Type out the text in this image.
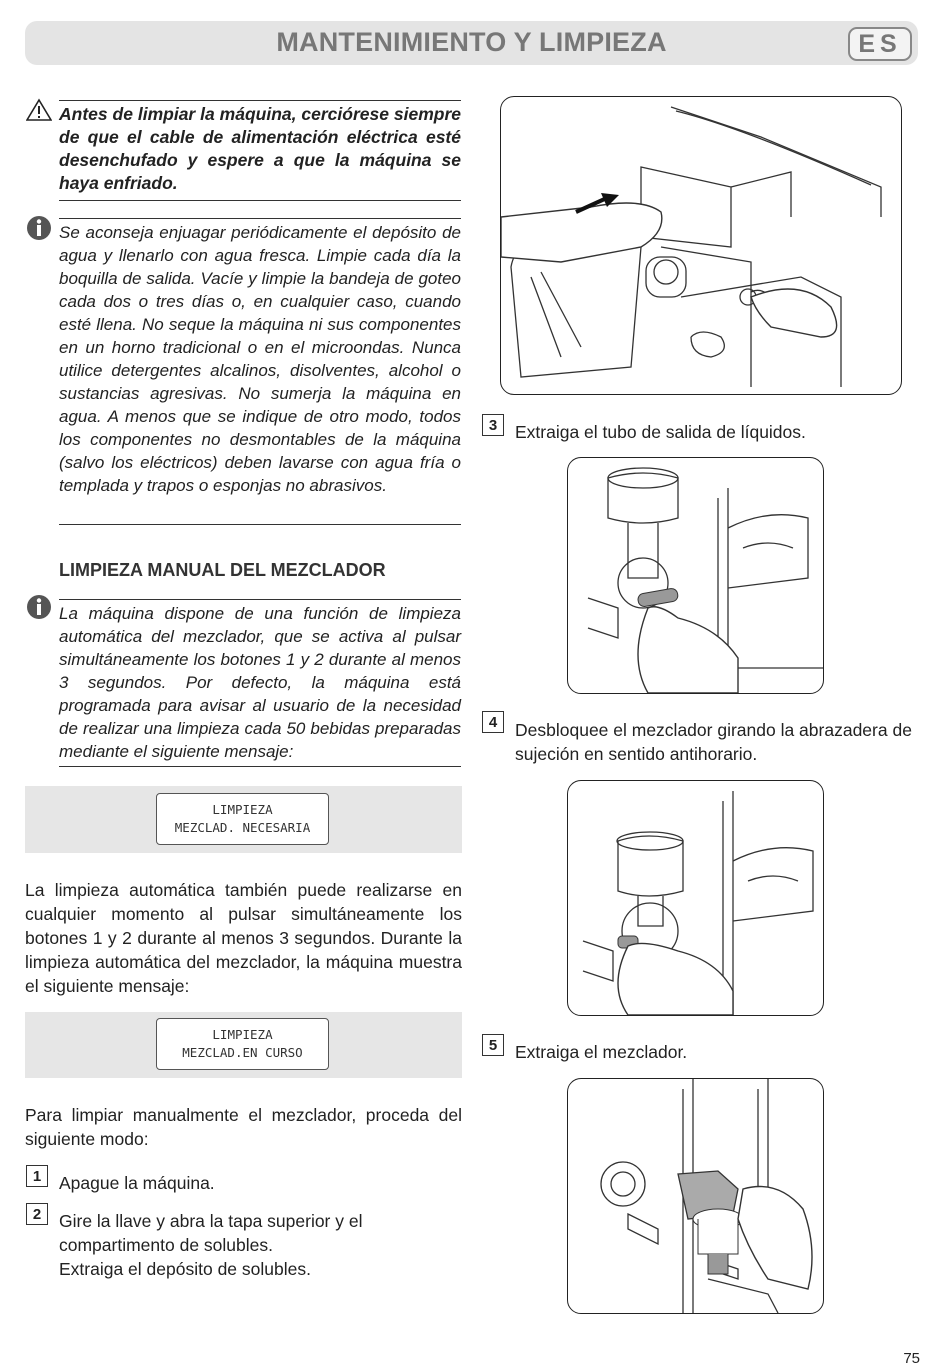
MANTENIMIENTO Y LIMPIEZA	ES
Antes de limpiar la máquina, cerciórese siempre de que el cable de alimentación eléctrica esté desenchufado y espere a que la máquina se haya enfriado.
Se aconseja enjuagar periódicamente el depósito de agua y llenarlo con agua fresca. Limpie cada día la boquilla de salida. Vacíe y limpie la bandeja de goteo cada dos o tres días o, en cualquier caso, cuando esté llena. No seque la máquina ni sus componentes en un horno tradicional o en el microondas. Nunca utilice detergentes alcalinos, disolventes, alcohol o sustancias agresivas. No sumerja la máquina en agua. A menos que se indique de otro modo, todos los componentes no desmontables de la máquina (salvo los eléctricos) deben lavarse con agua fría o templada y trapos o esponjas no abrasivos.
LIMPIEZA MANUAL DEL MEZCLADOR
La máquina dispone de una función de limpieza automática del mezclador, que se activa al pulsar simultáneamente los botones 1 y 2 durante al menos 3 segundos. Por defecto, la máquina está programada para avisar al usuario de la necesidad de realizar una limpieza cada 50 bebidas preparadas mediante el siguiente mensaje:
LIMPIEZA
MEZCLAD. NECESARIA
La limpieza automática también puede realizarse en cualquier momento al pulsar simultáneamente los botones 1 y 2 durante al menos 3 segundos. Durante la limpieza automática del mezclador, la máquina muestra el siguiente mensaje:
LIMPIEZA
MEZCLAD.EN CURSO
Para limpiar manualmente el mezclador, proceda del siguiente modo:
1	Apague la máquina.
2	Gire la llave y abra la tapa superior y el compartimento de solubles.
Extraiga el depósito de solubles.
3	Extraiga el tubo de salida de líquidos.
4	Desbloquee el mezclador girando la abrazadera de sujeción en sentido antihorario.
5	Extraiga el mezclador.
75
